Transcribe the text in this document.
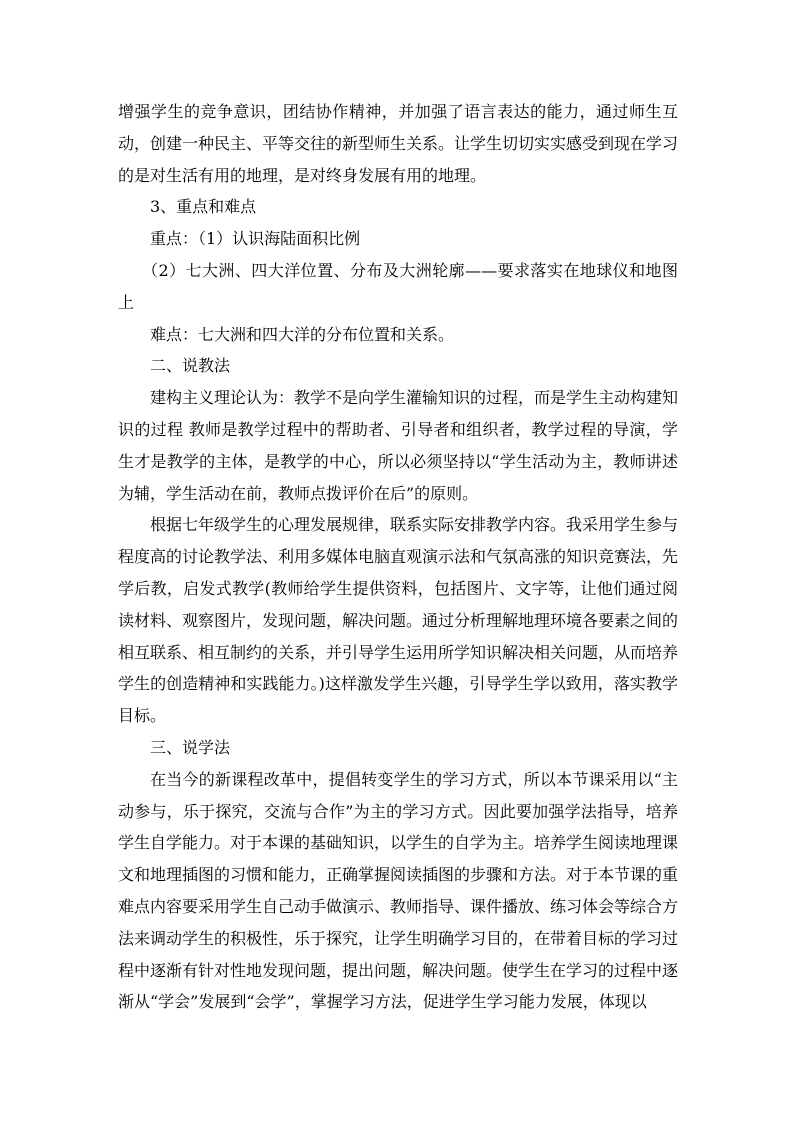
增强学生的竞争意识，团结协作精神，并加强了语言表达的能力，通过师生互动，创建一种民主、平等交往的新型师生关系。让学生切切实实感受到现在学习的是对生活有用的地理，是对终身发展有用的地理。

3、重点和难点

重点：（1）认识海陆面积比例

（2）七大洲、四大洋位置、分布及大洲轮廓——要求落实在地球仪和地图上

难点：七大洲和四大洋的分布位置和关系。

二、说教法

建构主义理论认为：教学不是向学生灌输知识的过程，而是学生主动构建知识的过程 教师是教学过程中的帮助者、引导者和组织者，教学过程的导演，学生才是教学的主体，是教学的中心，所以必须坚持以“学生活动为主，教师讲述为辅，学生活动在前，教师点拨评价在后”的原则。

根据七年级学生的心理发展规律，联系实际安排教学内容。我采用学生参与程度高的讨论教学法、利用多媒体电脑直观演示法和气氛高涨的知识竞赛法，先学后教，启发式教学(教师给学生提供资料，包括图片、文字等，让他们通过阅读材料、观察图片，发现问题，解决问题。通过分析理解地理环境各要素之间的相互联系、相互制约的关系，并引导学生运用所学知识解决相关问题，从而培养学生的创造精神和实践能力。)这样激发学生兴趣，引导学生学以致用，落实教学目标。

三、说学法

在当今的新课程改革中，提倡转变学生的学习方式，所以本节课采用以“主动参与，乐于探究，交流与合作”为主的学习方式。因此要加强学法指导，培养学生自学能力。对于本课的基础知识，以学生的自学为主。培养学生阅读地理课文和地理插图的习惯和能力，正确掌握阅读插图的步骤和方法。对于本节课的重难点内容要采用学生自己动手做演示、教师指导、课件播放、练习体会等综合方法来调动学生的积极性，乐于探究，让学生明确学习目的，在带着目标的学习过程中逐渐有针对性地发现问题，提出问题，解决问题。使学生在学习的过程中逐渐从“学会”发展到“会学”，掌握学习方法，促进学生学习能力发展，体现以
